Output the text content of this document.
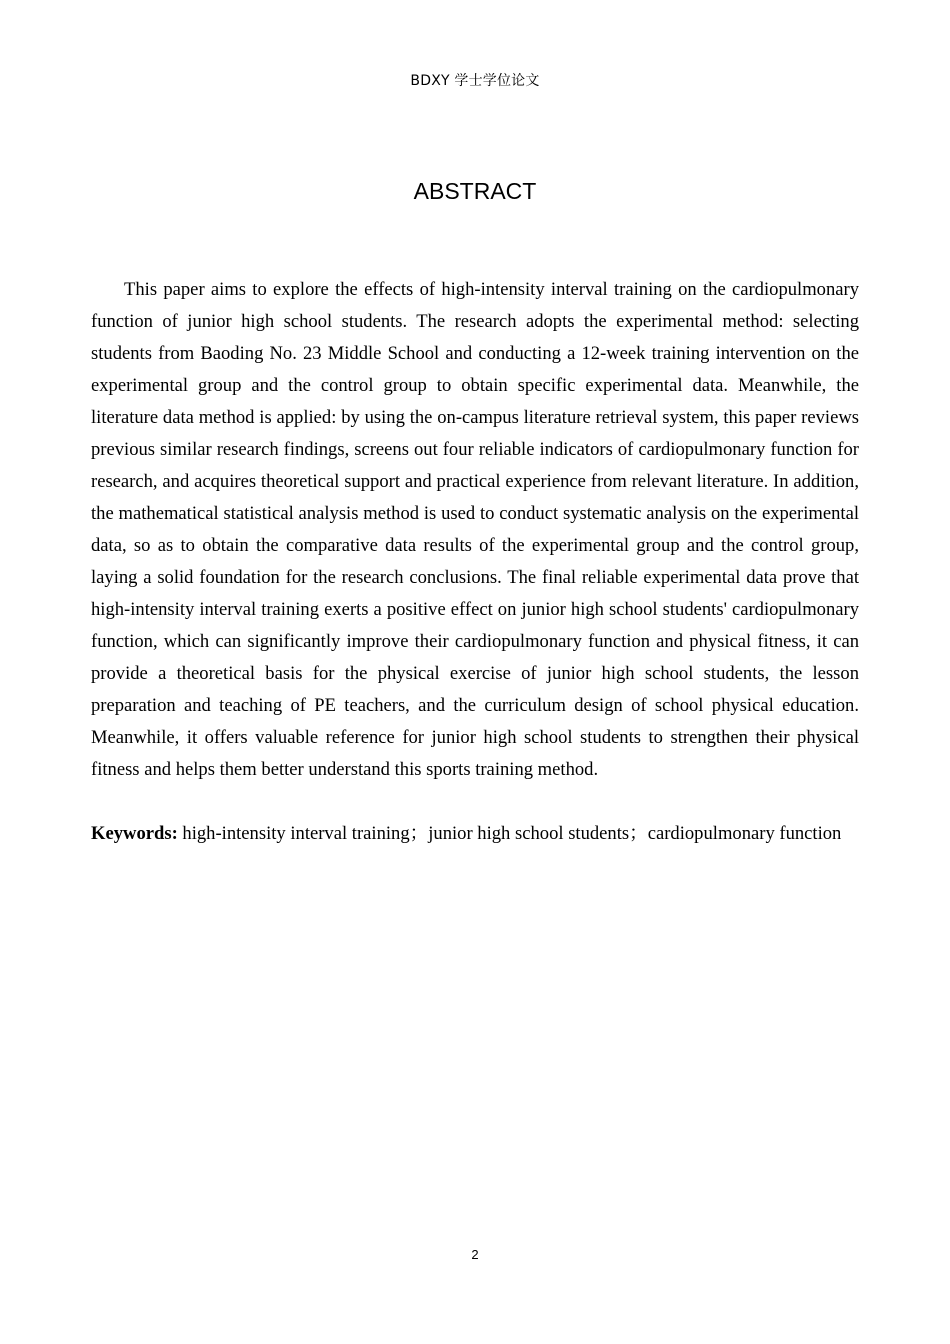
BDXY 学士学位论文
ABSTRACT

This paper aims to explore the effects of high-intensity interval training on the cardiopulmonary function of junior high school students. The research adopts the experimental method: selecting students from Baoding No. 23 Middle School and conducting a 12-week training intervention on the experimental group and the control group to obtain specific experimental data. Meanwhile, the literature data method is applied: by using the on-campus literature retrieval system, this paper reviews previous similar research findings, screens out four reliable indicators of cardiopulmonary function for research, and acquires theoretical support and practical experience from relevant literature. In addition, the mathematical statistical analysis method is used to conduct systematic analysis on the experimental data, so as to obtain the comparative data results of the experimental group and the control group, laying a solid foundation for the research conclusions. The final reliable experimental data prove that high-intensity interval training exerts a positive effect on junior high school students' cardiopulmonary function, which can significantly improve their cardiopulmonary function and physical fitness, it can provide a theoretical basis for the physical exercise of junior high school students, the lesson preparation and teaching of PE teachers, and the curriculum design of school physical education. Meanwhile, it offers valuable reference for junior high school students to strengthen their physical fitness and helps them better understand this sports training method.

Keywords: high-intensity interval training；junior high school students；cardiopulmonary function

2
